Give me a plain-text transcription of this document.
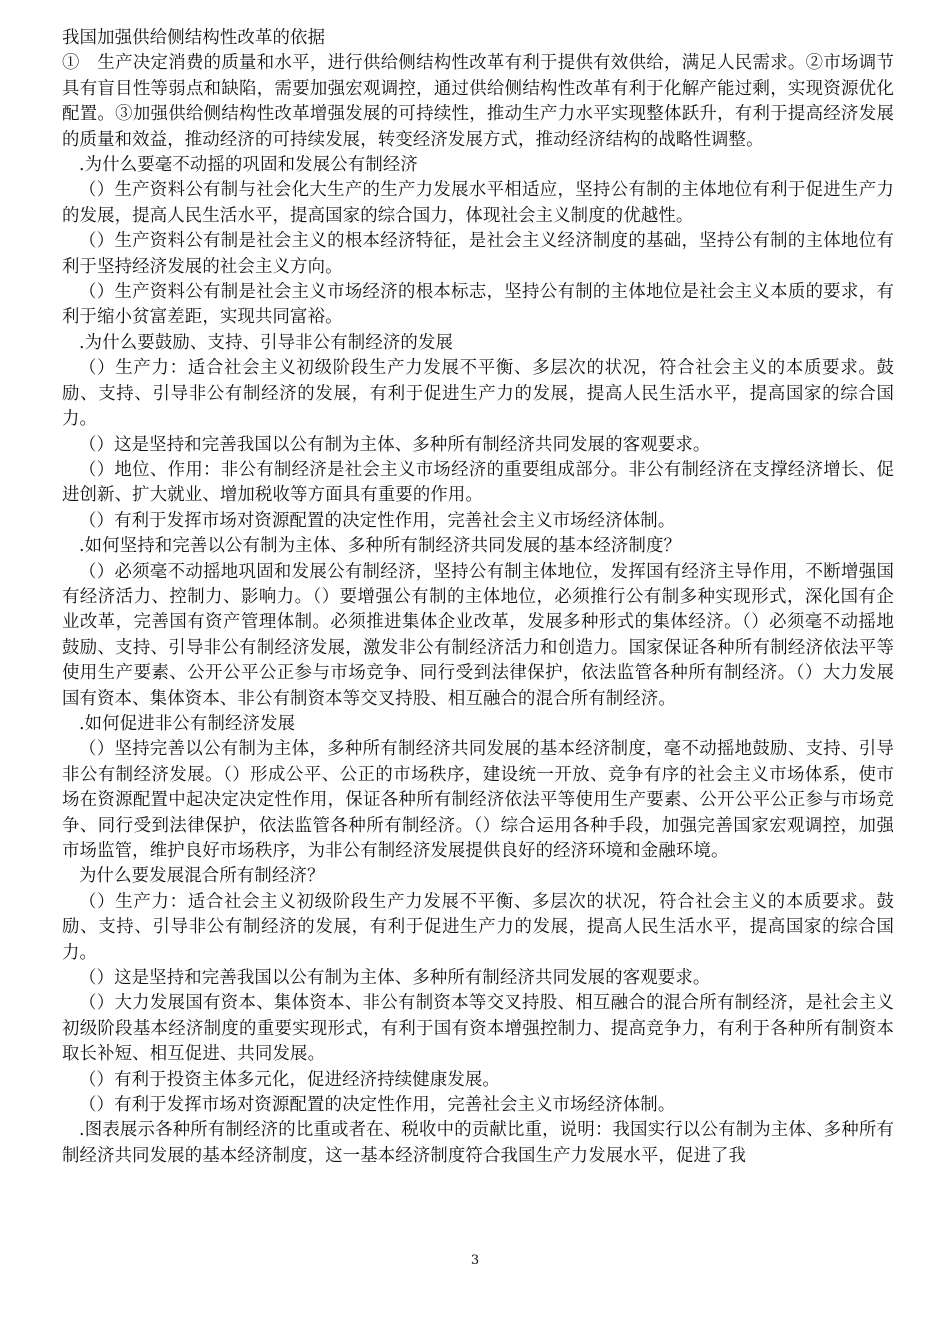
我国加强供给侧结构性改革的依据

①　生产决定消费的质量和水平，进行供给侧结构性改革有利于提供有效供给，满足人民需求。②市场调节具有盲目性等弱点和缺陷，需要加强宏观调控，通过供给侧结构性改革有利于化解产能过剩，实现资源优化配置。③加强供给侧结构性改革增强发展的可持续性，推动生产力水平实现整体跃升，有利于提高经济发展的质量和效益，推动经济的可持续发展，转变经济发展方式，推动经济结构的战略性调整。

.为什么要毫不动摇的巩固和发展公有制经济

（）生产资料公有制与社会化大生产的生产力发展水平相适应，坚持公有制的主体地位有利于促进生产力的发展，提高人民生活水平，提高国家的综合国力，体现社会主义制度的优越性。

（）生产资料公有制是社会主义的根本经济特征，是社会主义经济制度的基础，坚持公有制的主体地位有利于坚持经济发展的社会主义方向。

（）生产资料公有制是社会主义市场经济的根本标志，坚持公有制的主体地位是社会主义本质的要求，有利于缩小贫富差距，实现共同富裕。

.为什么要鼓励、支持、引导非公有制经济的发展

（）生产力：适合社会主义初级阶段生产力发展不平衡、多层次的状况，符合社会主义的本质要求。鼓励、支持、引导非公有制经济的发展，有利于促进生产力的发展，提高人民生活水平，提高国家的综合国力。

（）这是坚持和完善我国以公有制为主体、多种所有制经济共同发展的客观要求。

（）地位、作用：非公有制经济是社会主义市场经济的重要组成部分。非公有制经济在支撑经济增长、促进创新、扩大就业、增加税收等方面具有重要的作用。

（）有利于发挥市场对资源配置的决定性作用，完善社会主义市场经济体制。

.如何坚持和完善以公有制为主体、多种所有制经济共同发展的基本经济制度？

（）必须毫不动摇地巩固和发展公有制经济，坚持公有制主体地位，发挥国有经济主导作用，不断增强国有经济活力、控制力、影响力。（）要增强公有制的主体地位，必须推行公有制多种实现形式，深化国有企业改革，完善国有资产管理体制。必须推进集体企业改革，发展多种形式的集体经济。（）必须毫不动摇地鼓励、支持、引导非公有制经济发展，激发非公有制经济活力和创造力。国家保证各种所有制经济依法平等使用生产要素、公开公平公正参与市场竞争、同行受到法律保护，依法监管各种所有制经济。（）大力发展国有资本、集体资本、非公有制资本等交叉持股、相互融合的混合所有制经济。

.如何促进非公有制经济发展

（）坚持完善以公有制为主体，多种所有制经济共同发展的基本经济制度，毫不动摇地鼓励、支持、引导非公有制经济发展。（）形成公平、公正的市场秩序，建设统一开放、竞争有序的社会主义市场体系，使市场在资源配置中起决定决定性作用，保证各种所有制经济依法平等使用生产要素、公开公平公正参与市场竞争、同行受到法律保护，依法监管各种所有制经济。（）综合运用各种手段，加强完善国家宏观调控，加强市场监管，维护良好市场秩序，为非公有制经济发展提供良好的经济环境和金融环境。

为什么要发展混合所有制经济？

（）生产力：适合社会主义初级阶段生产力发展不平衡、多层次的状况，符合社会主义的本质要求。鼓励、支持、引导非公有制经济的发展，有利于促进生产力的发展，提高人民生活水平，提高国家的综合国力。

（）这是坚持和完善我国以公有制为主体、多种所有制经济共同发展的客观要求。

（）大力发展国有资本、集体资本、非公有制资本等交叉持股、相互融合的混合所有制经济，是社会主义初级阶段基本经济制度的重要实现形式，有利于国有资本增强控制力、提高竞争力，有利于各种所有制资本取长补短、相互促进、共同发展。

（）有利于投资主体多元化，促进经济持续健康发展。

（）有利于发挥市场对资源配置的决定性作用，完善社会主义市场经济体制。

.图表展示各种所有制经济的比重或者在、税收中的贡献比重，说明：我国实行以公有制为主体、多种所有制经济共同发展的基本经济制度，这一基本经济制度符合我国生产力发展水平，促进了我

3
